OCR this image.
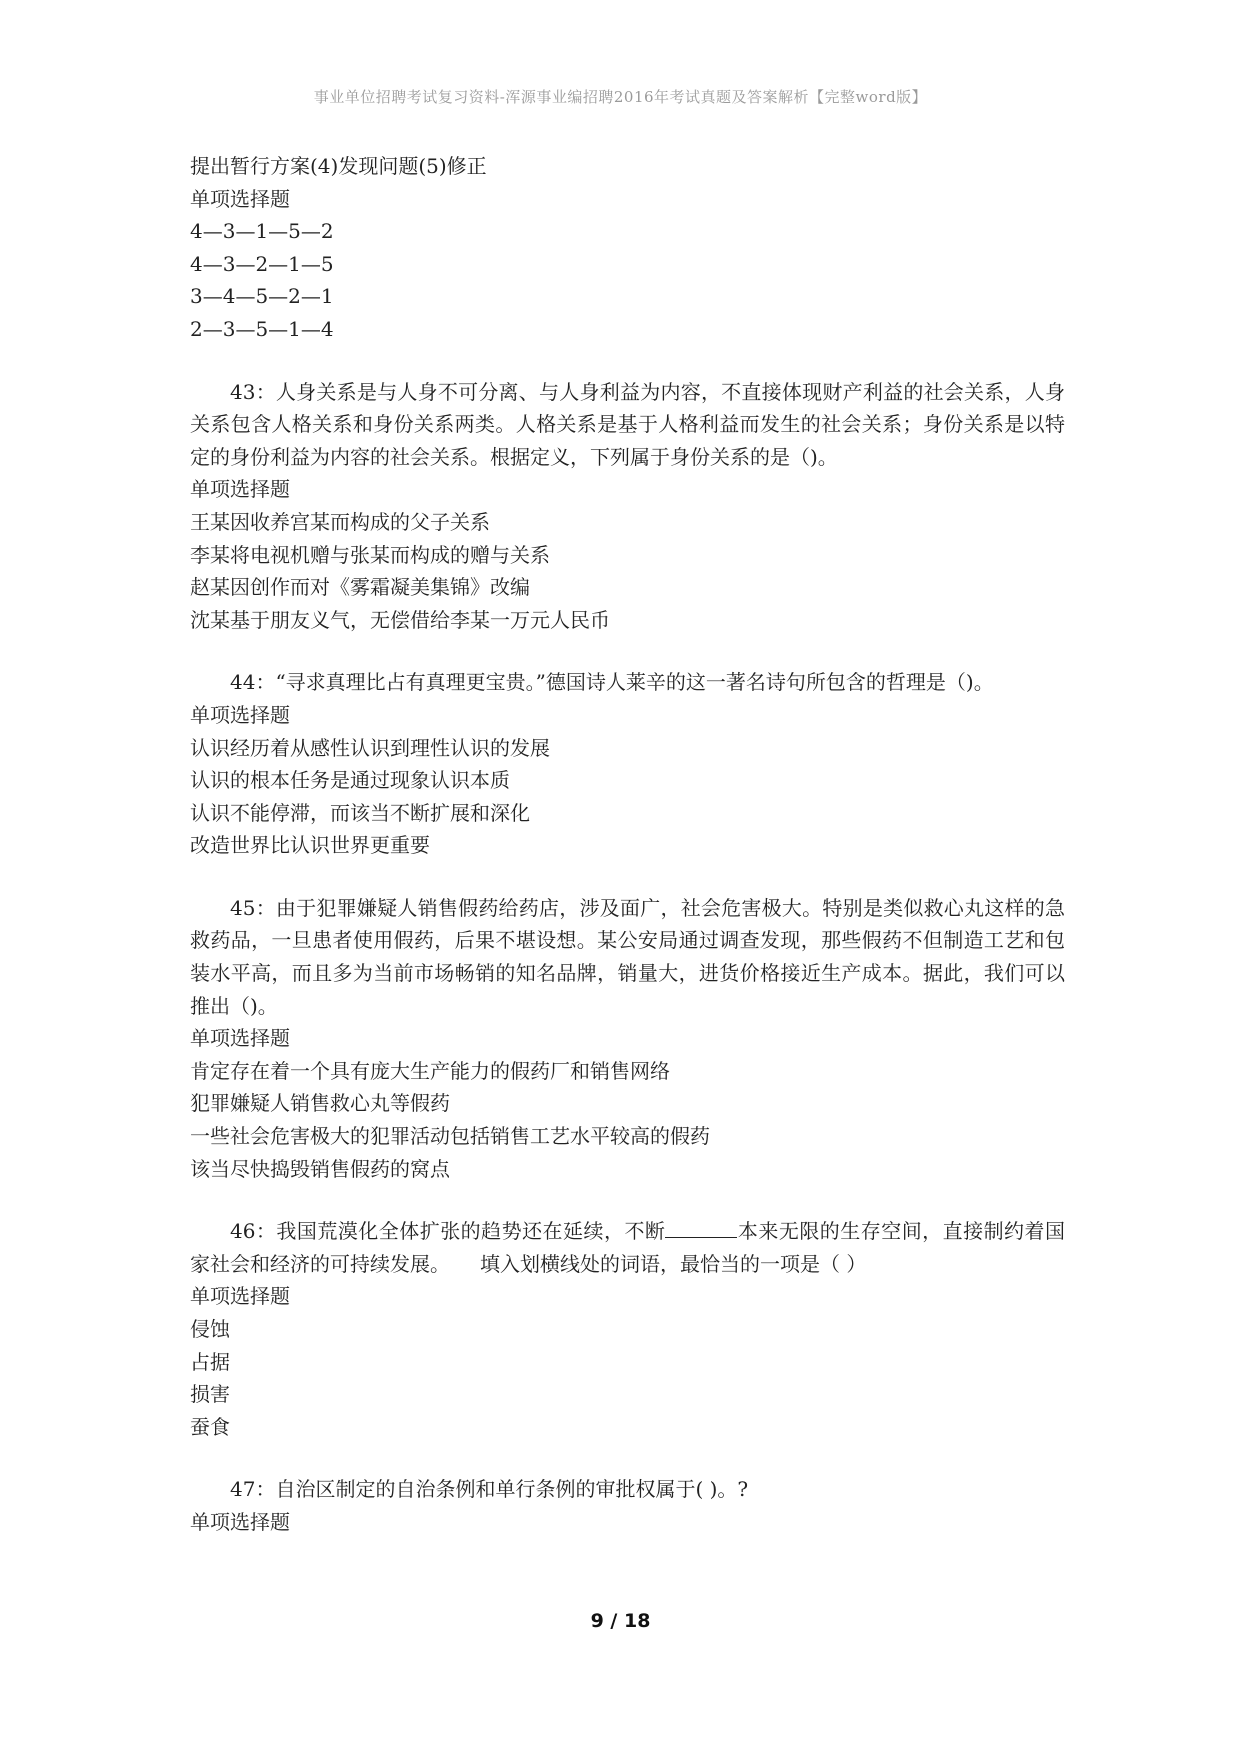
事业单位招聘考试复习资料-浑源事业编招聘2016年考试真题及答案解析【完整word版】
提出暂行方案(4)发现问题(5)修正
单项选择题
4—3—1—5—2
4—3—2—1—5
3—4—5—2—1
2—3—5—1—4
43：人身关系是与人身不可分离、与人身利益为内容，不直接体现财产利益的社会关系，人身关系包含人格关系和身份关系两类。人格关系是基于人格利益而发生的社会关系；身份关系是以特定的身份利益为内容的社会关系。根据定义，下列属于身份关系的是（)。
单项选择题
王某因收养宫某而构成的父子关系
李某将电视机赠与张某而构成的赠与关系
赵某因创作而对《雾霜凝美集锦》改编
沈某基于朋友义气，无偿借给李某一万元人民币
44：“寻求真理比占有真理更宝贵。”德国诗人莱辛的这一著名诗句所包含的哲理是（)。
单项选择题
认识经历着从感性认识到理性认识的发展
认识的根本任务是通过现象认识本质
认识不能停滞，而该当不断扩展和深化
改造世界比认识世界更重要
45：由于犯罪嫌疑人销售假药给药店，涉及面广，社会危害极大。特别是类似救心丸这样的急救药品，一旦患者使用假药，后果不堪设想。某公安局通过调查发现，那些假药不但制造工艺和包装水平高，而且多为当前市场畅销的知名品牌，销量大，进货价格接近生产成本。据此，我们可以推出（)。
单项选择题
肯定存在着一个具有庞大生产能力的假药厂和销售网络
犯罪嫌疑人销售救心丸等假药
一些社会危害极大的犯罪活动包括销售工艺水平较高的假药
该当尽快捣毁销售假药的窝点
46：我国荒漠化全体扩张的趋势还在延续，不断	本来无限的生存空间，直接制约着国家社会和经济的可持续发展。　　填入划横线处的词语，最恰当的一项是（ ）
单项选择题
侵蚀
占据
损害
蚕食
47：自治区制定的自治条例和单行条例的审批权属于( )。?
单项选择题
9 / 18
